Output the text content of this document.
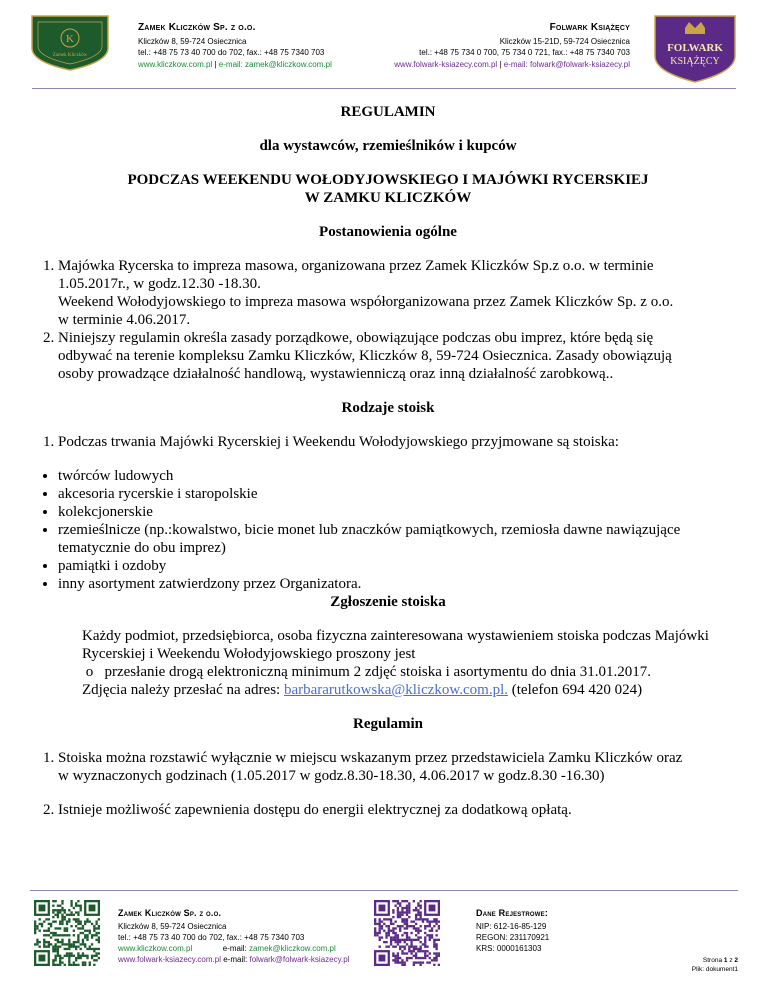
K
Zamek Kliczków
Zamek Kliczków Sp. z o.o.
Kliczków 8, 59-724 Osiecznica
tel.: +48 75 73 40 700 do 702, fax.: +48 75 7340 703
www.kliczkow.com.pl | e-mail: zamek@kliczkow.com.pl
Folwark Książęcy
Kliczków 15-21D, 59-724 Osiecznica
tel.: +48 75 734 0 700, 75 734 0 721, fax.: +48 75 7340 703
www.folwark-ksiazecy.com.pl | e-mail: folwark@folwark-ksiazecy.pl
FOLWARK
KSIĄŻĘCY
REGULAMIN
dla wystawców, rzemieślników i kupców
PODCZAS WEEKENDU WOŁODYJOWSKIEGO I MAJÓWKI RYCERSKIEJ
W ZAMKU KLICZKÓW
Postanowienia ogólne
1. Majówka Rycerska to impreza masowa, organizowana przez Zamek Kliczków Sp.z o.o. w terminie
1.05.2017r., w godz.12.30 -18.30.
Weekend Wołodyjowskiego to impreza masowa współorganizowana przez Zamek Kliczków Sp. z o.o.
w terminie 4.06.2017.
2. Niniejszy regulamin określa zasady porządkowe, obowiązujące podczas obu imprez, które będą się
odbywać na terenie kompleksu Zamku Kliczków, Kliczków 8, 59-724 Osiecznica. Zasady obowiązują
osoby prowadzące działalność handlową, wystawienniczą oraz inną działalność zarobkową..
Rodzaje stoisk
1. Podczas trwania Majówki Rycerskiej i Weekendu Wołodyjowskiego przyjmowane są stoiska:
• twórców ludowych
• akcesoria rycerskie i staropolskie
• kolekcjonerskie
• rzemieślnicze (np.:kowalstwo, bicie monet lub znaczków pamiątkowych, rzemiosła dawne nawiązujące tematycznie do obu imprez)
• pamiątki i ozdoby
• inny asortyment zatwierdzony przez Organizatora.
Zgłoszenie stoiska
Każdy podmiot, przedsiębiorca, osoba fizyczna zainteresowana wystawieniem stoiska podczas Majówki
Rycerskiej i Weekendu Wołodyjowskiego proszony jest
o przesłanie drogą elektroniczną minimum 2 zdjęć stoiska i asortymentu do dnia 31.01.2017.
Zdjęcia należy przesłać na adres: barbararutkowska@kliczkow.com.pl. (telefon 694 420 024)
Regulamin
1. Stoiska można rozstawić wyłącznie w miejscu wskazanym przez przedstawiciela Zamku Kliczków oraz
w wyznaczonych godzinach (1.05.2017 w godz.8.30-18.30, 4.06.2017 w godz.8.30 -16.30)
2. Istnieje możliwość zapewnienia dostępu do energii elektrycznej za dodatkową opłatą.
Zamek Kliczków Sp. z o.o.
Kliczków 8, 59-724 Osiecznica
tel.: +48 75 73 40 700 do 702, fax.: +48 75 7340 703
www.kliczkow.com.pl	e-mail: zamek@kliczkow.com.pl
www.folwark-ksiazecy.com.pl e-mail: folwark@folwark-ksiazecy.pl
Dane Rejestrowe:
NIP: 612-16-85-129
REGON: 231170921
KRS: 0000161303
Strona 1 z 2
Plik: dokument1
